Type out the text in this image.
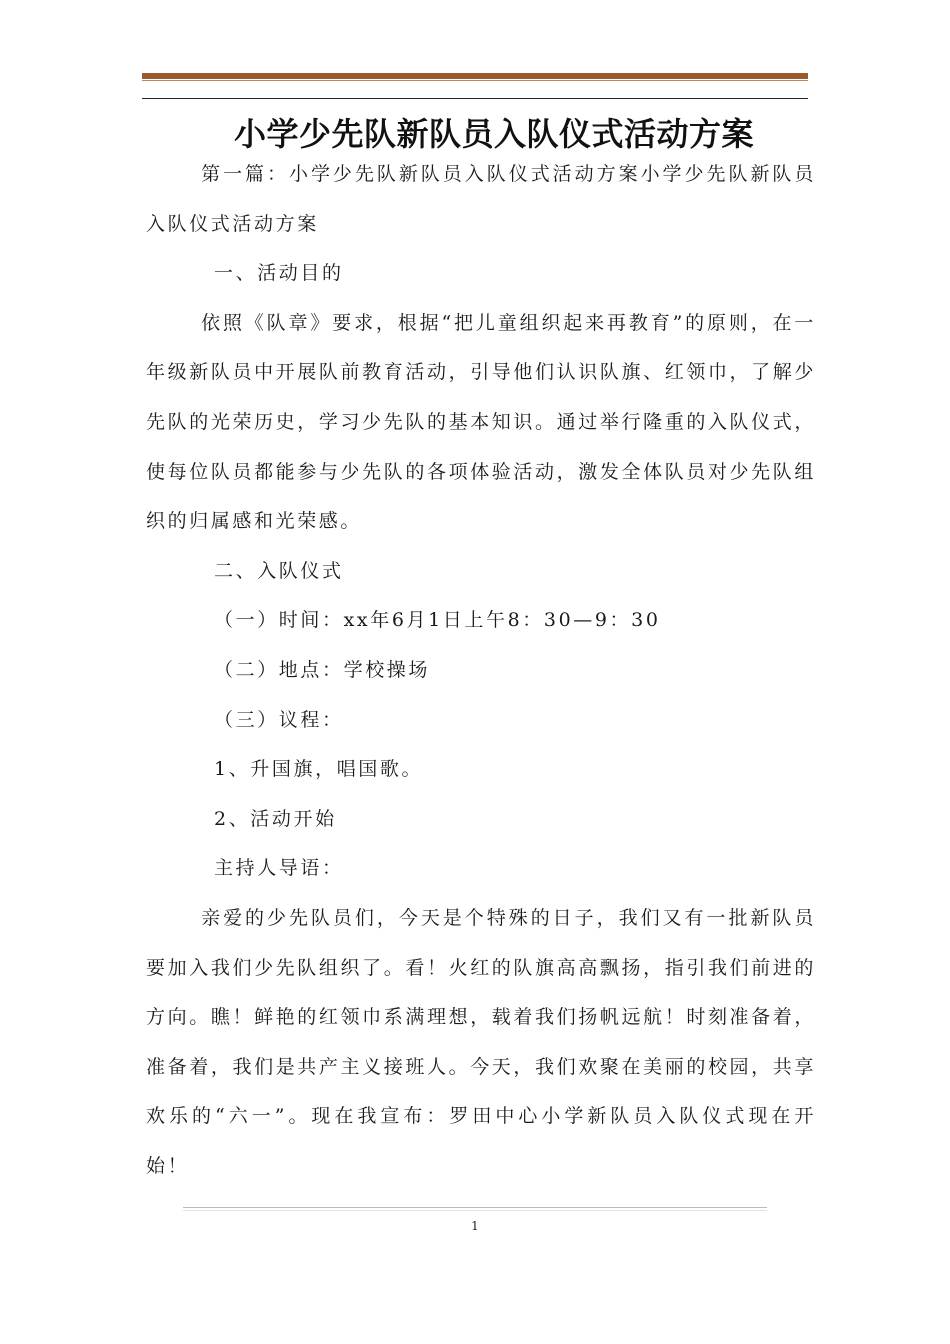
小学少先队新队员入队仪式活动方案

第一篇：小学少先队新队员入队仪式活动方案小学少先队新队员入队仪式活动方案

一、活动目的

依照《队章》要求，根据“把儿童组织起来再教育”的原则，在一年级新队员中开展队前教育活动，引导他们认识队旗、红领巾，了解少先队的光荣历史，学习少先队的基本知识。通过举行隆重的入队仪式，使每位队员都能参与少先队的各项体验活动，激发全体队员对少先队组织的归属感和光荣感。

二、入队仪式

（一）时间：xx年6月1日上午8：30—9：30

（二）地点：学校操场

（三）议程：

1、升国旗，唱国歌。

2、活动开始

主持人导语：

亲爱的少先队员们，今天是个特殊的日子，我们又有一批新队员要加入我们少先队组织了。看！火红的队旗高高飘扬，指引我们前进的方向。瞧！鲜艳的红领巾系满理想，载着我们扬帆远航！时刻准备着，准备着，我们是共产主义接班人。今天，我们欢聚在美丽的校园，共享欢乐的“六一”。现在我宣布：罗田中心小学新队员入队仪式现在开始！

1
